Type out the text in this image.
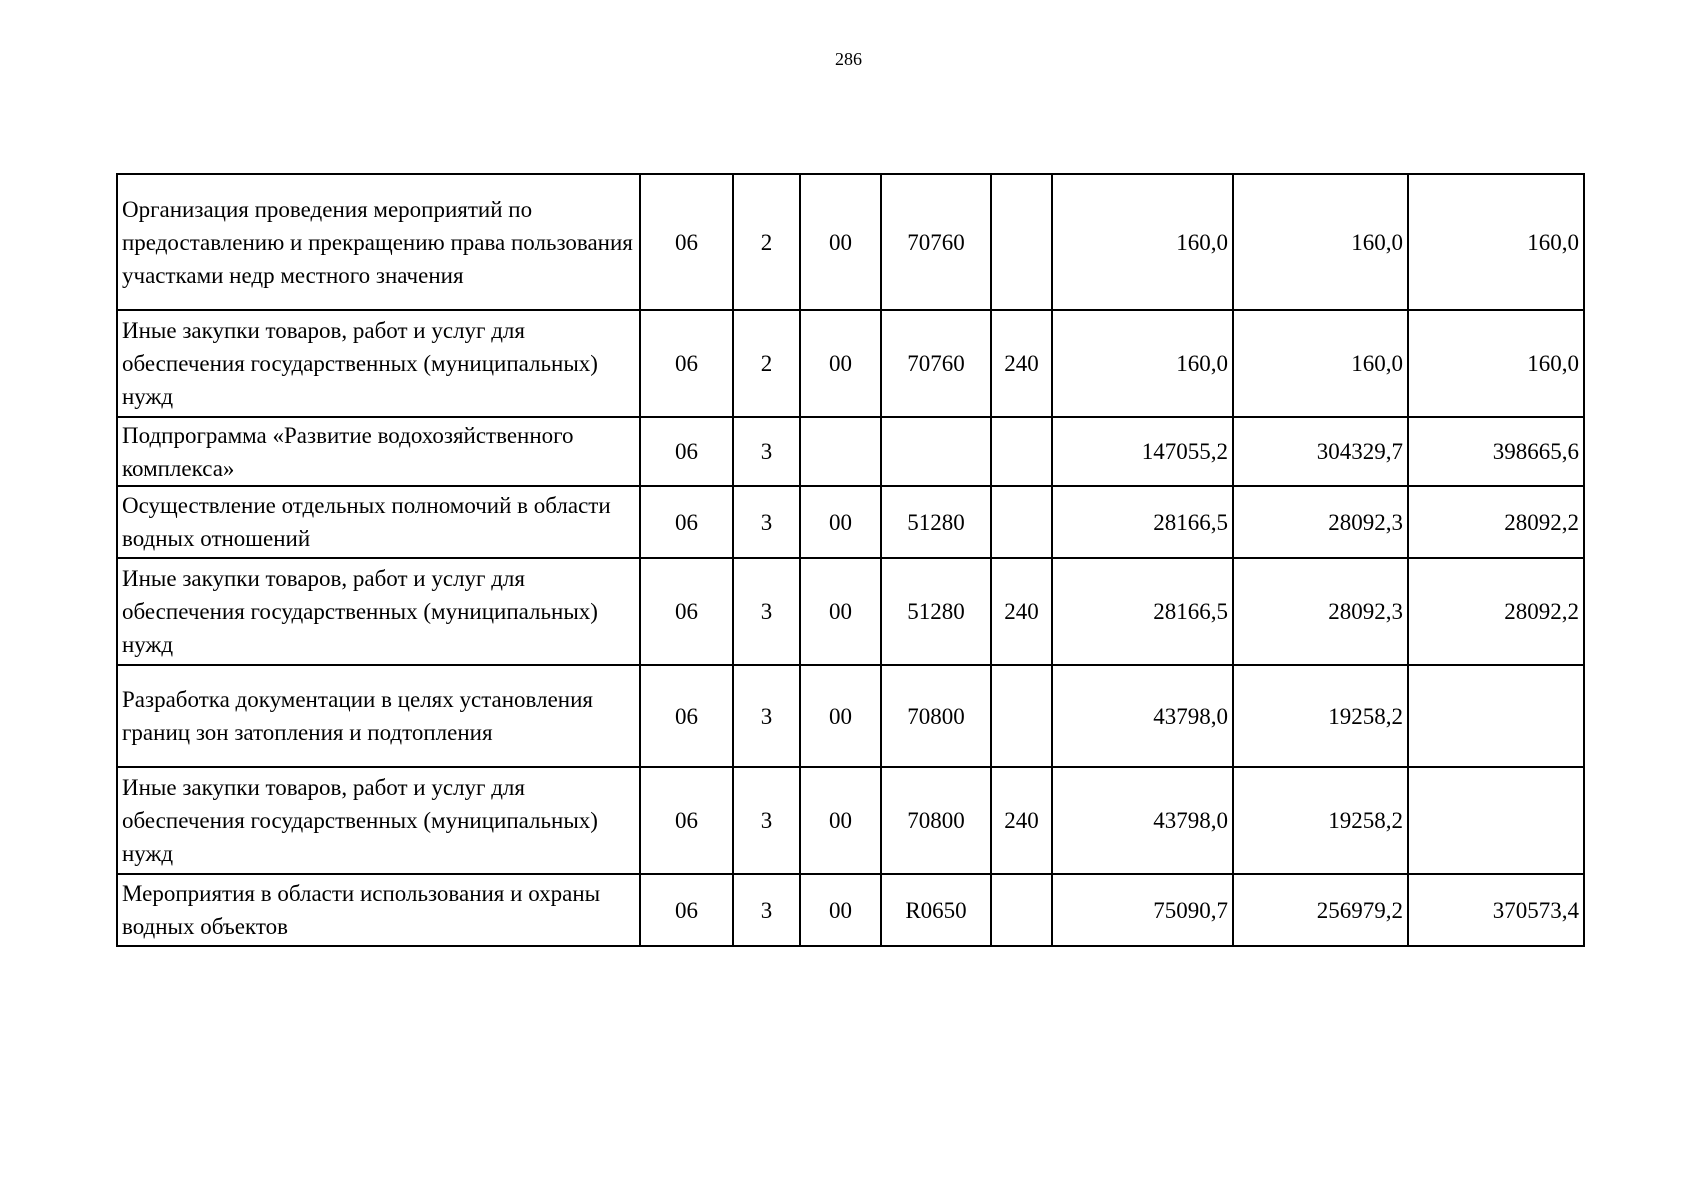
286
Организация проведения мероприятий по предоставлению и прекращению права пользования участками недр местного значения	06	2	00	70760		160,0	160,0	160,0
Иные закупки товаров, работ и услуг для обеспечения государственных (муниципальных) нужд	06	2	00	70760	240	160,0	160,0	160,0
Подпрограмма «Развитие водохозяйственного комплекса»	06	3				147055,2	304329,7	398665,6
Осуществление отдельных полномочий в области водных отношений	06	3	00	51280		28166,5	28092,3	28092,2
Иные закупки товаров, работ и услуг для обеспечения государственных (муниципальных) нужд	06	3	00	51280	240	28166,5	28092,3	28092,2
Разработка документации в целях установления границ зон затопления и подтопления	06	3	00	70800		43798,0	19258,2	
Иные закупки товаров, работ и услуг для обеспечения государственных (муниципальных) нужд	06	3	00	70800	240	43798,0	19258,2	
Мероприятия в области использования и охраны водных объектов	06	3	00	R0650		75090,7	256979,2	370573,4
